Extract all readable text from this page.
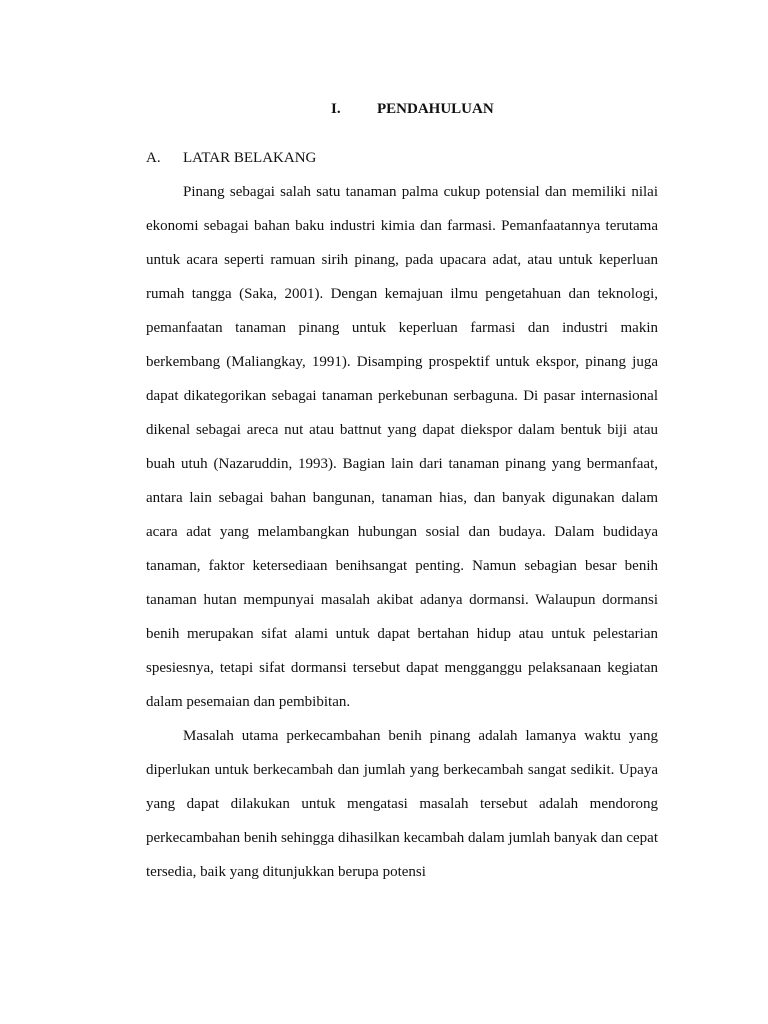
I. PENDAHULUAN
A. LATAR BELAKANG

Pinang sebagai salah satu tanaman palma cukup potensial dan memiliki nilai ekonomi sebagai bahan baku industri kimia dan farmasi. Pemanfaatannya terutama untuk acara seperti ramuan sirih pinang, pada upacara adat, atau untuk keperluan rumah tangga (Saka, 2001). Dengan kemajuan ilmu pengetahuan dan teknologi, pemanfaatan tanaman pinang untuk keperluan farmasi dan industri makin berkembang (Maliangkay, 1991). Disamping prospektif untuk ekspor, pinang juga dapat dikategorikan sebagai tanaman perkebunan serbaguna. Di pasar internasional dikenal sebagai areca nut atau battnut yang dapat diekspor dalam bentuk biji atau buah utuh (Nazaruddin, 1993). Bagian lain dari tanaman pinang yang bermanfaat, antara lain sebagai bahan bangunan, tanaman hias, dan banyak digunakan dalam acara adat yang melambangkan hubungan sosial dan budaya. Dalam budidaya tanaman, faktor ketersediaan benihsangat penting. Namun sebagian besar benih tanaman hutan mempunyai masalah akibat adanya dormansi. Walaupun dormansi benih merupakan sifat alami untuk dapat bertahan hidup atau untuk pelestarian spesiesnya, tetapi sifat dormansi tersebut dapat mengganggu pelaksanaan kegiatan dalam pesemaian dan pembibitan.

Masalah utama perkecambahan benih pinang adalah lamanya waktu yang diperlukan untuk berkecambah dan jumlah yang berkecambah sangat sedikit. Upaya yang dapat dilakukan untuk mengatasi masalah tersebut adalah mendorong perkecambahan benih sehingga dihasilkan kecambah dalam jumlah banyak dan cepat tersedia, baik yang ditunjukkan berupa potensi
